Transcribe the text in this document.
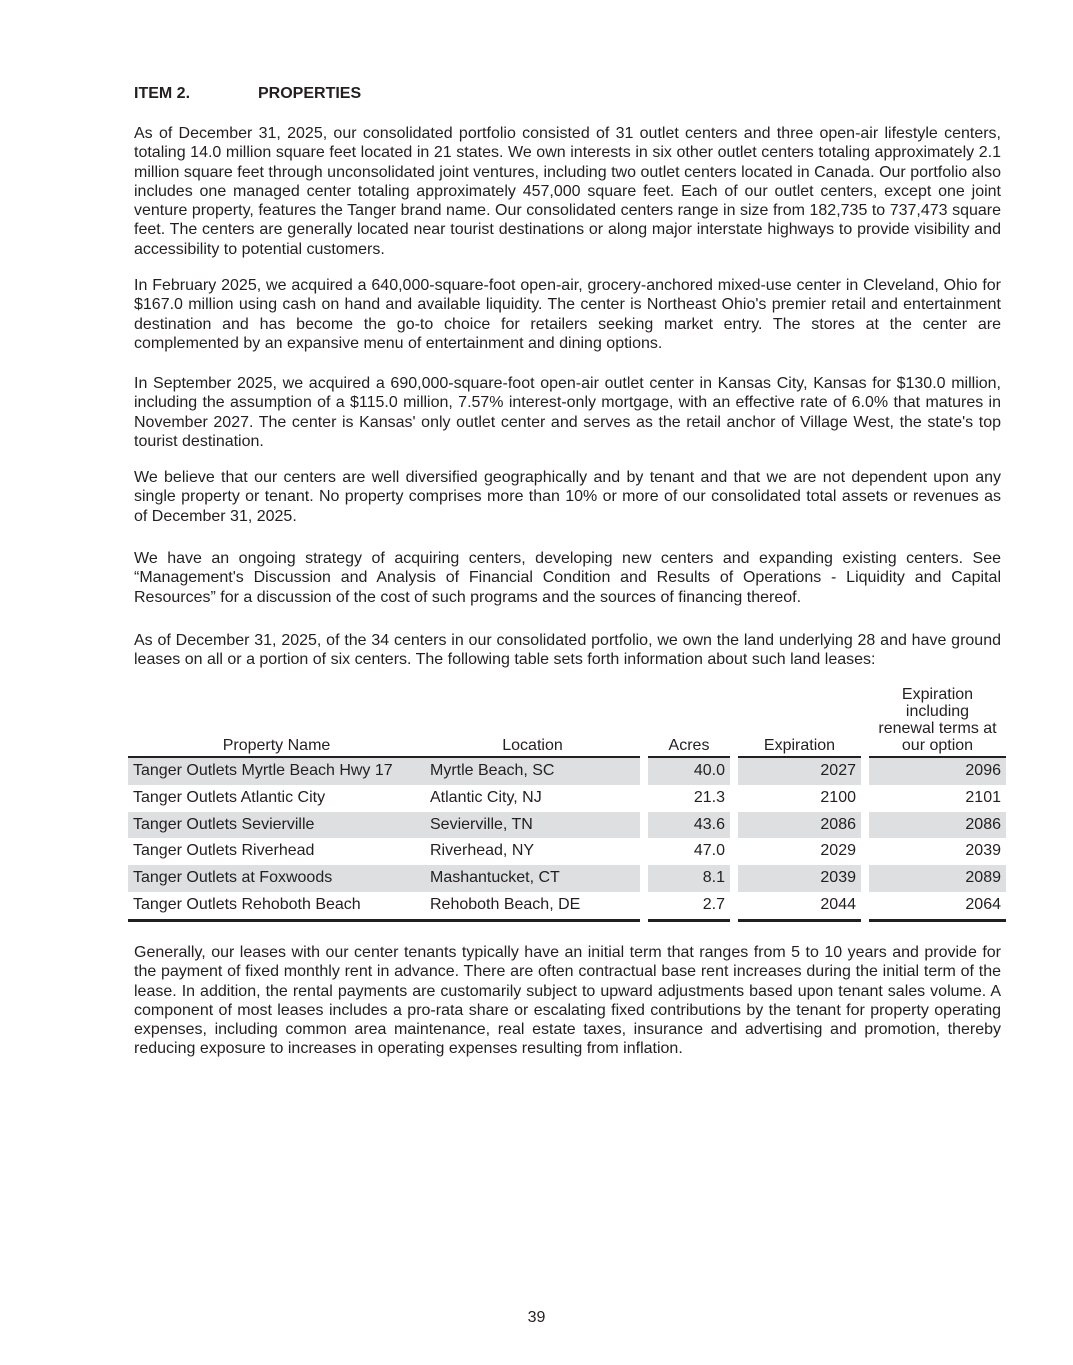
ITEM 2.	PROPERTIES

As of December 31, 2025, our consolidated portfolio consisted of 31 outlet centers and three open-air lifestyle centers, totaling 14.0 million square feet located in 21 states. We own interests in six other outlet centers totaling approximately 2.1 million square feet through unconsolidated joint ventures, including two outlet centers located in Canada. Our portfolio also includes one managed center totaling approximately 457,000 square feet. Each of our outlet centers, except one joint venture property, features the Tanger brand name. Our consolidated centers range in size from 182,735 to 737,473 square feet. The centers are generally located near tourist destinations or along major interstate highways to provide visibility and accessibility to potential customers.

In February 2025, we acquired a 640,000-square-foot open-air, grocery-anchored mixed-use center in Cleveland, Ohio for $167.0 million using cash on hand and available liquidity. The center is Northeast Ohio's premier retail and entertainment destination and has become the go-to choice for retailers seeking market entry. The stores at the center are complemented by an expansive menu of entertainment and dining options.

In September 2025, we acquired a 690,000-square-foot open-air outlet center in Kansas City, Kansas for $130.0 million, including the assumption of a $115.0 million, 7.57% interest-only mortgage, with an effective rate of 6.0% that matures in November 2027. The center is Kansas' only outlet center and serves as the retail anchor of Village West, the state's top tourist destination.

We believe that our centers are well diversified geographically and by tenant and that we are not dependent upon any single property or tenant. No property comprises more than 10% or more of our consolidated total assets or revenues as of December 31, 2025.

We have an ongoing strategy of acquiring centers, developing new centers and expanding existing centers. See “Management's Discussion and Analysis of Financial Condition and Results of Operations - Liquidity and Capital Resources” for a discussion of the cost of such programs and the sources of financing thereof.

As of December 31, 2025, of the 34 centers in our consolidated portfolio, we own the land underlying 28 and have ground leases on all or a portion of six centers. The following table sets forth information about such land leases:

Property Name	Location		Acres		Expiration		Expiration
including
renewal terms at
our option

Tanger Outlets Myrtle Beach Hwy 17	Myrtle Beach, SC		40.0		2027		2096
Tanger Outlets Atlantic City	Atlantic City, NJ		21.3		2100		2101
Tanger Outlets Sevierville	Sevierville, TN		43.6		2086		2086
Tanger Outlets Riverhead	Riverhead, NY		47.0		2029		2039
Tanger Outlets at Foxwoods	Mashantucket, CT		8.1		2039		2089
Tanger Outlets Rehoboth Beach	Rehoboth Beach, DE		2.7		2044		2064

Generally, our leases with our center tenants typically have an initial term that ranges from 5 to 10 years and provide for the payment of fixed monthly rent in advance. There are often contractual base rent increases during the initial term of the lease. In addition, the rental payments are customarily subject to upward adjustments based upon tenant sales volume. A component of most leases includes a pro-rata share or escalating fixed contributions by the tenant for property operating expenses, including common area maintenance, real estate taxes, insurance and advertising and promotion, thereby reducing exposure to increases in operating expenses resulting from inflation.

39
